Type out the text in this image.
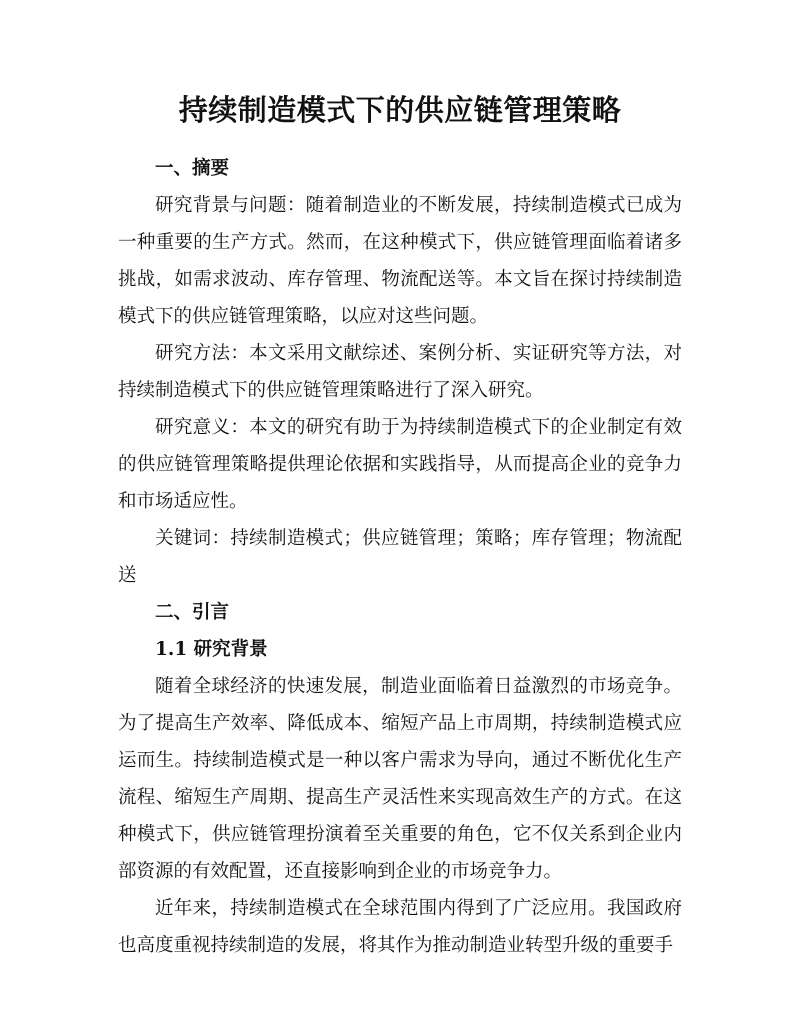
持续制造模式下的供应链管理策略
一、摘要

研究背景与问题：随着制造业的不断发展，持续制造模式已成为一种重要的生产方式。然而，在这种模式下，供应链管理面临着诸多挑战，如需求波动、库存管理、物流配送等。本文旨在探讨持续制造模式下的供应链管理策略，以应对这些问题。

研究方法：本文采用文献综述、案例分析、实证研究等方法，对持续制造模式下的供应链管理策略进行了深入研究。

研究意义：本文的研究有助于为持续制造模式下的企业制定有效的供应链管理策略提供理论依据和实践指导，从而提高企业的竞争力和市场适应性。

关键词：持续制造模式；供应链管理；策略；库存管理；物流配送

二、引言
1.1 研究背景

随着全球经济的快速发展，制造业面临着日益激烈的市场竞争。为了提高生产效率、降低成本、缩短产品上市周期，持续制造模式应运而生。持续制造模式是一种以客户需求为导向，通过不断优化生产流程、缩短生产周期、提高生产灵活性来实现高效生产的方式。在这种模式下，供应链管理扮演着至关重要的角色，它不仅关系到企业内部资源的有效配置，还直接影响到企业的市场竞争力。

近年来，持续制造模式在全球范围内得到了广泛应用。我国政府也高度重视持续制造的发展，将其作为推动制造业转型升级的重要手
